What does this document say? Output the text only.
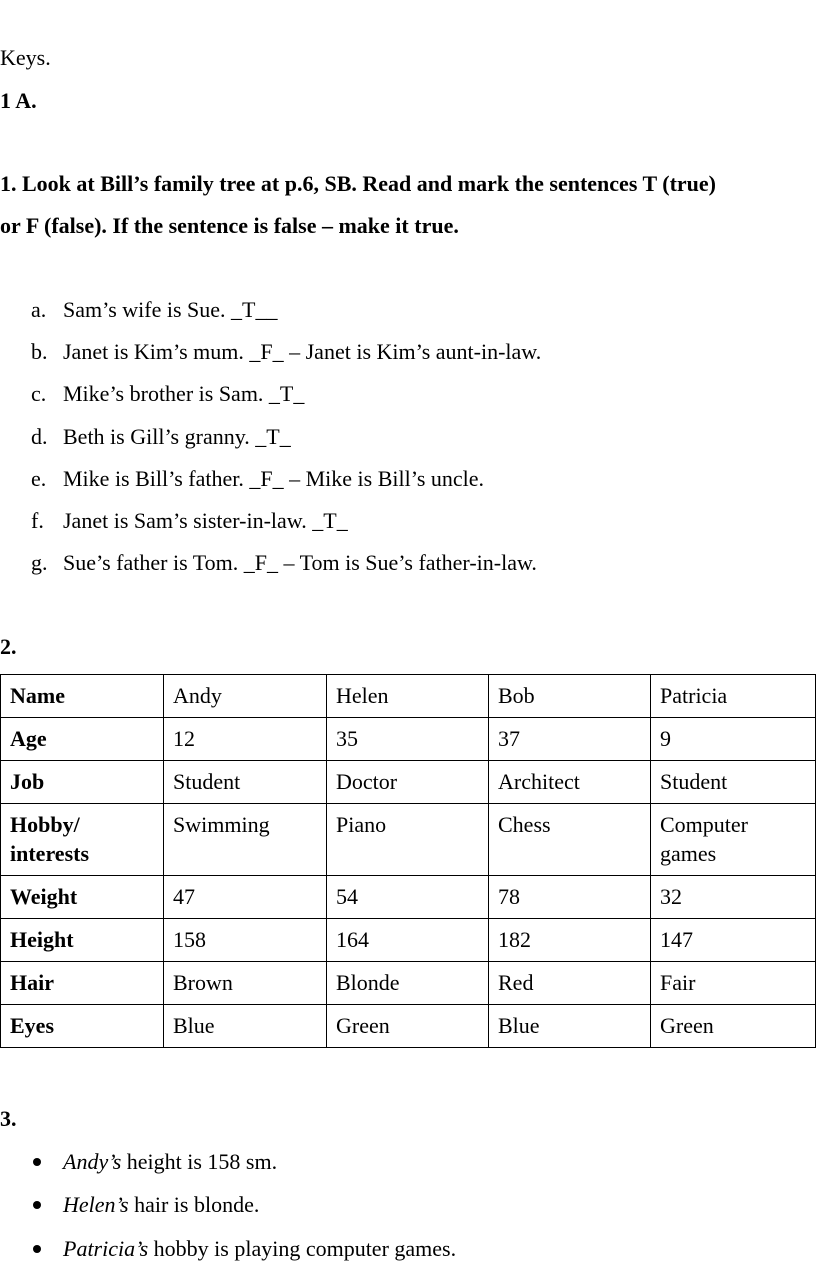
Keys.
1 A.
1. Look at Bill’s family tree at p.6, SB. Read and mark the sentences T (true)
or F (false). If the sentence is false – make it true.
a. Sam’s wife is Sue. _T__
b. Janet is Kim’s mum. _F_ – Janet is Kim’s aunt-in-law.
c. Mike’s brother is Sam. _T_
d. Beth is Gill’s granny. _T_
e. Mike is Bill’s father. _F_ – Mike is Bill’s uncle.
f. Janet is Sam’s sister-in-law. _T_
g. Sue’s father is Tom. _F_ – Tom is Sue’s father-in-law.
2.
Name	Andy	Helen	Bob	Patricia
Age	12	35	37	9
Job	Student	Doctor	Architect	Student
Hobby/ interests	Swimming	Piano	Chess	Computer games
Weight	47	54	78	32
Height	158	164	182	147
Hair	Brown	Blonde	Red	Fair
Eyes	Blue	Green	Blue	Green
3.
Andy’s height is 158 sm.
Helen’s hair is blonde.
Patricia’s hobby is playing computer games.
